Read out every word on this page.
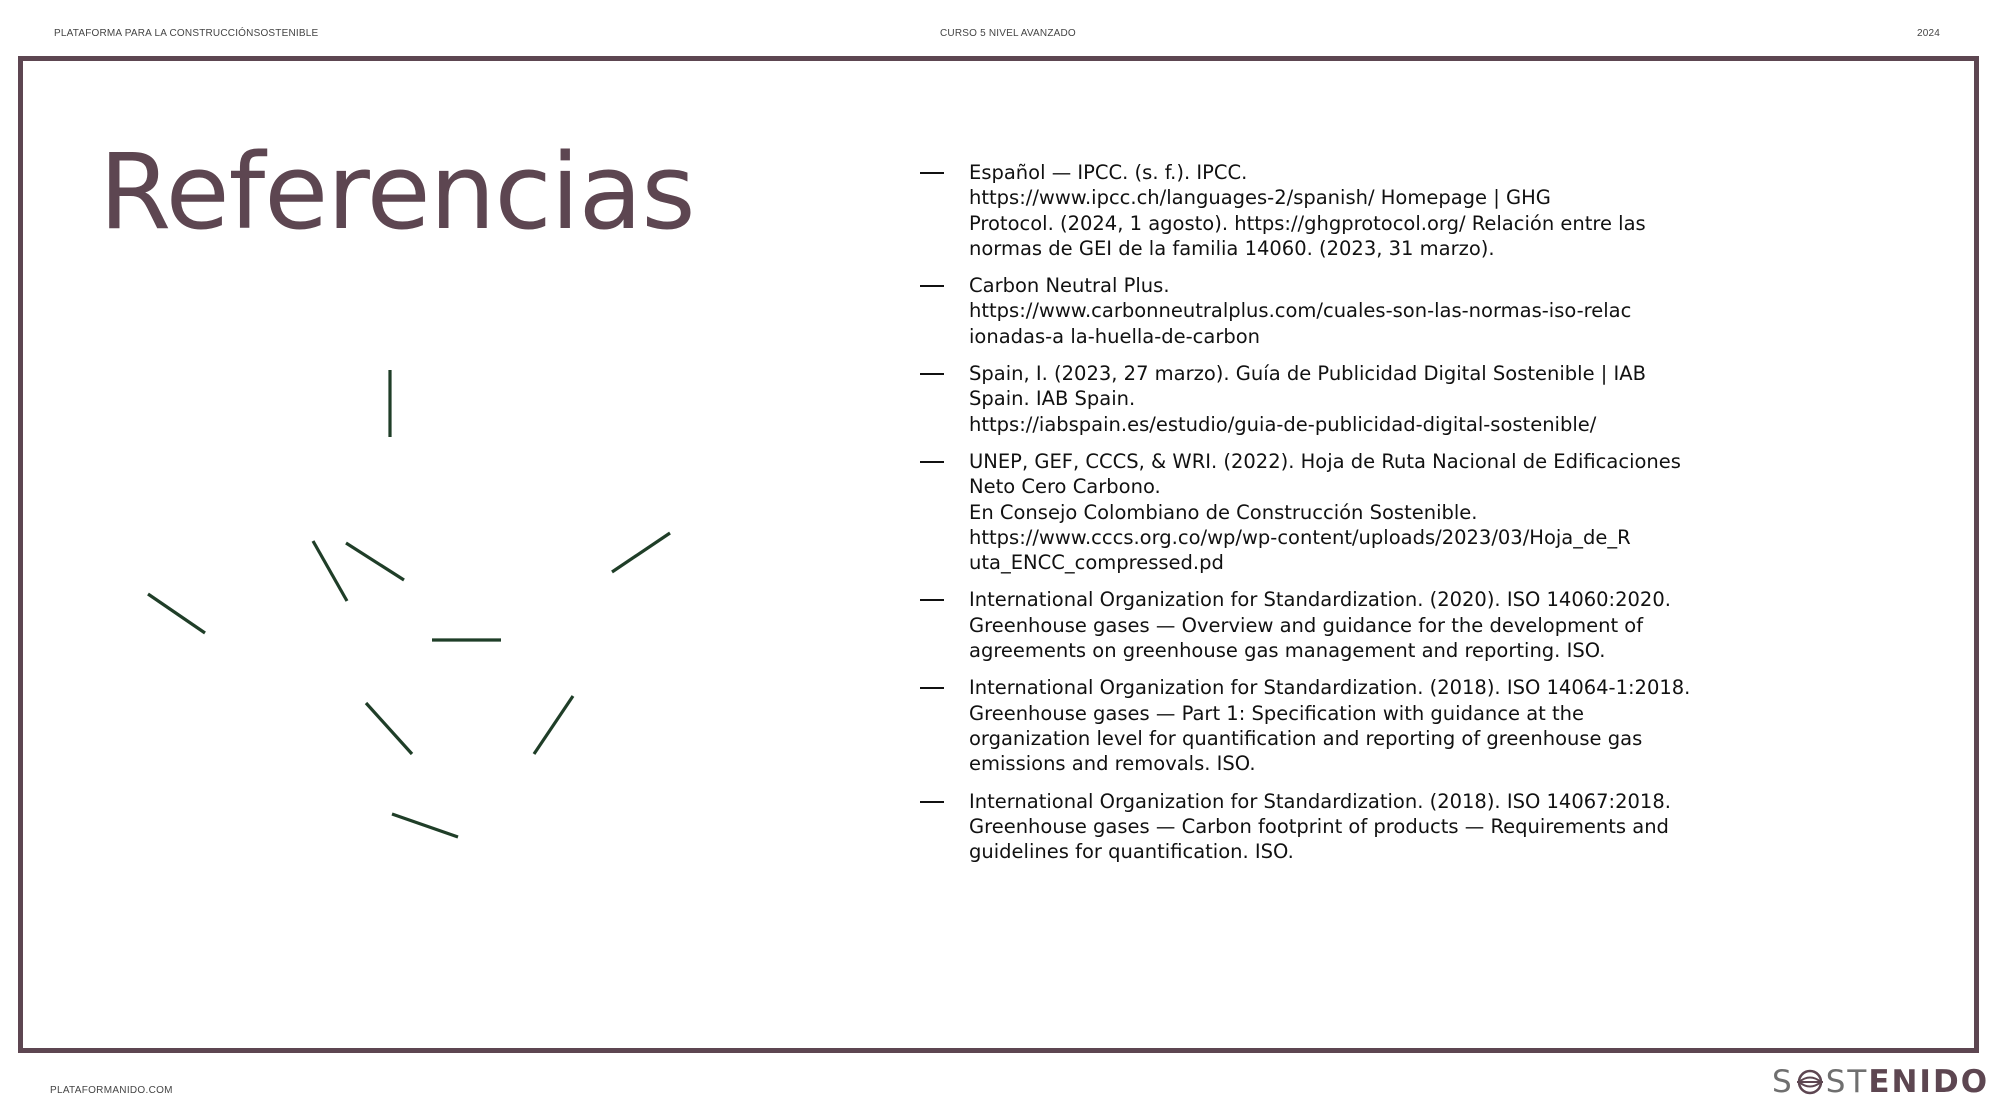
PLATAFORMA PARA LA CONSTRUCCIÓNSOSTENIBLE	CURSO 5 NIVEL AVANZADO	2024
Referencias	Español — IPCC. (s. f.). IPCC.
https://www.ipcc.ch/languages-2/spanish/ Homepage | GHG
Protocol. (2024, 1 agosto). https://ghgprotocol.org/ Relación entre las
normas de GEI de la familia 14060. (2023, 31 marzo).
Carbon Neutral Plus.
https://www.carbonneutralplus.com/cuales-son-las-normas-iso-relac
ionadas-a la-huella-de-carbon
Spain, I. (2023, 27 marzo). Guía de Publicidad Digital Sostenible | IAB
Spain. IAB Spain.
https://iabspain.es/estudio/guia-de-publicidad-digital-sostenible/
UNEP, GEF, CCCS, & WRI. (2022). Hoja de Ruta Nacional de Edificaciones
Neto Cero Carbono.
En Consejo Colombiano de Construcción Sostenible.
https://www.cccs.org.co/wp/wp-content/uploads/2023/03/Hoja_de_R
uta_ENCC_compressed.pd
International Organization for Standardization. (2020). ISO 14060:2020.
Greenhouse gases — Overview and guidance for the development of
agreements on greenhouse gas management and reporting. ISO.
International Organization for Standardization. (2018). ISO 14064-1:2018.
Greenhouse gases — Part 1: Specification with guidance at the
organization level for quantification and reporting of greenhouse gas
emissions and removals. ISO.
International Organization for Standardization. (2018). ISO 14067:2018.
Greenhouse gases — Carbon footprint of products — Requirements and
guidelines for quantification. ISO.
PLATAFORMANIDO.COM	S ST ENIDO
